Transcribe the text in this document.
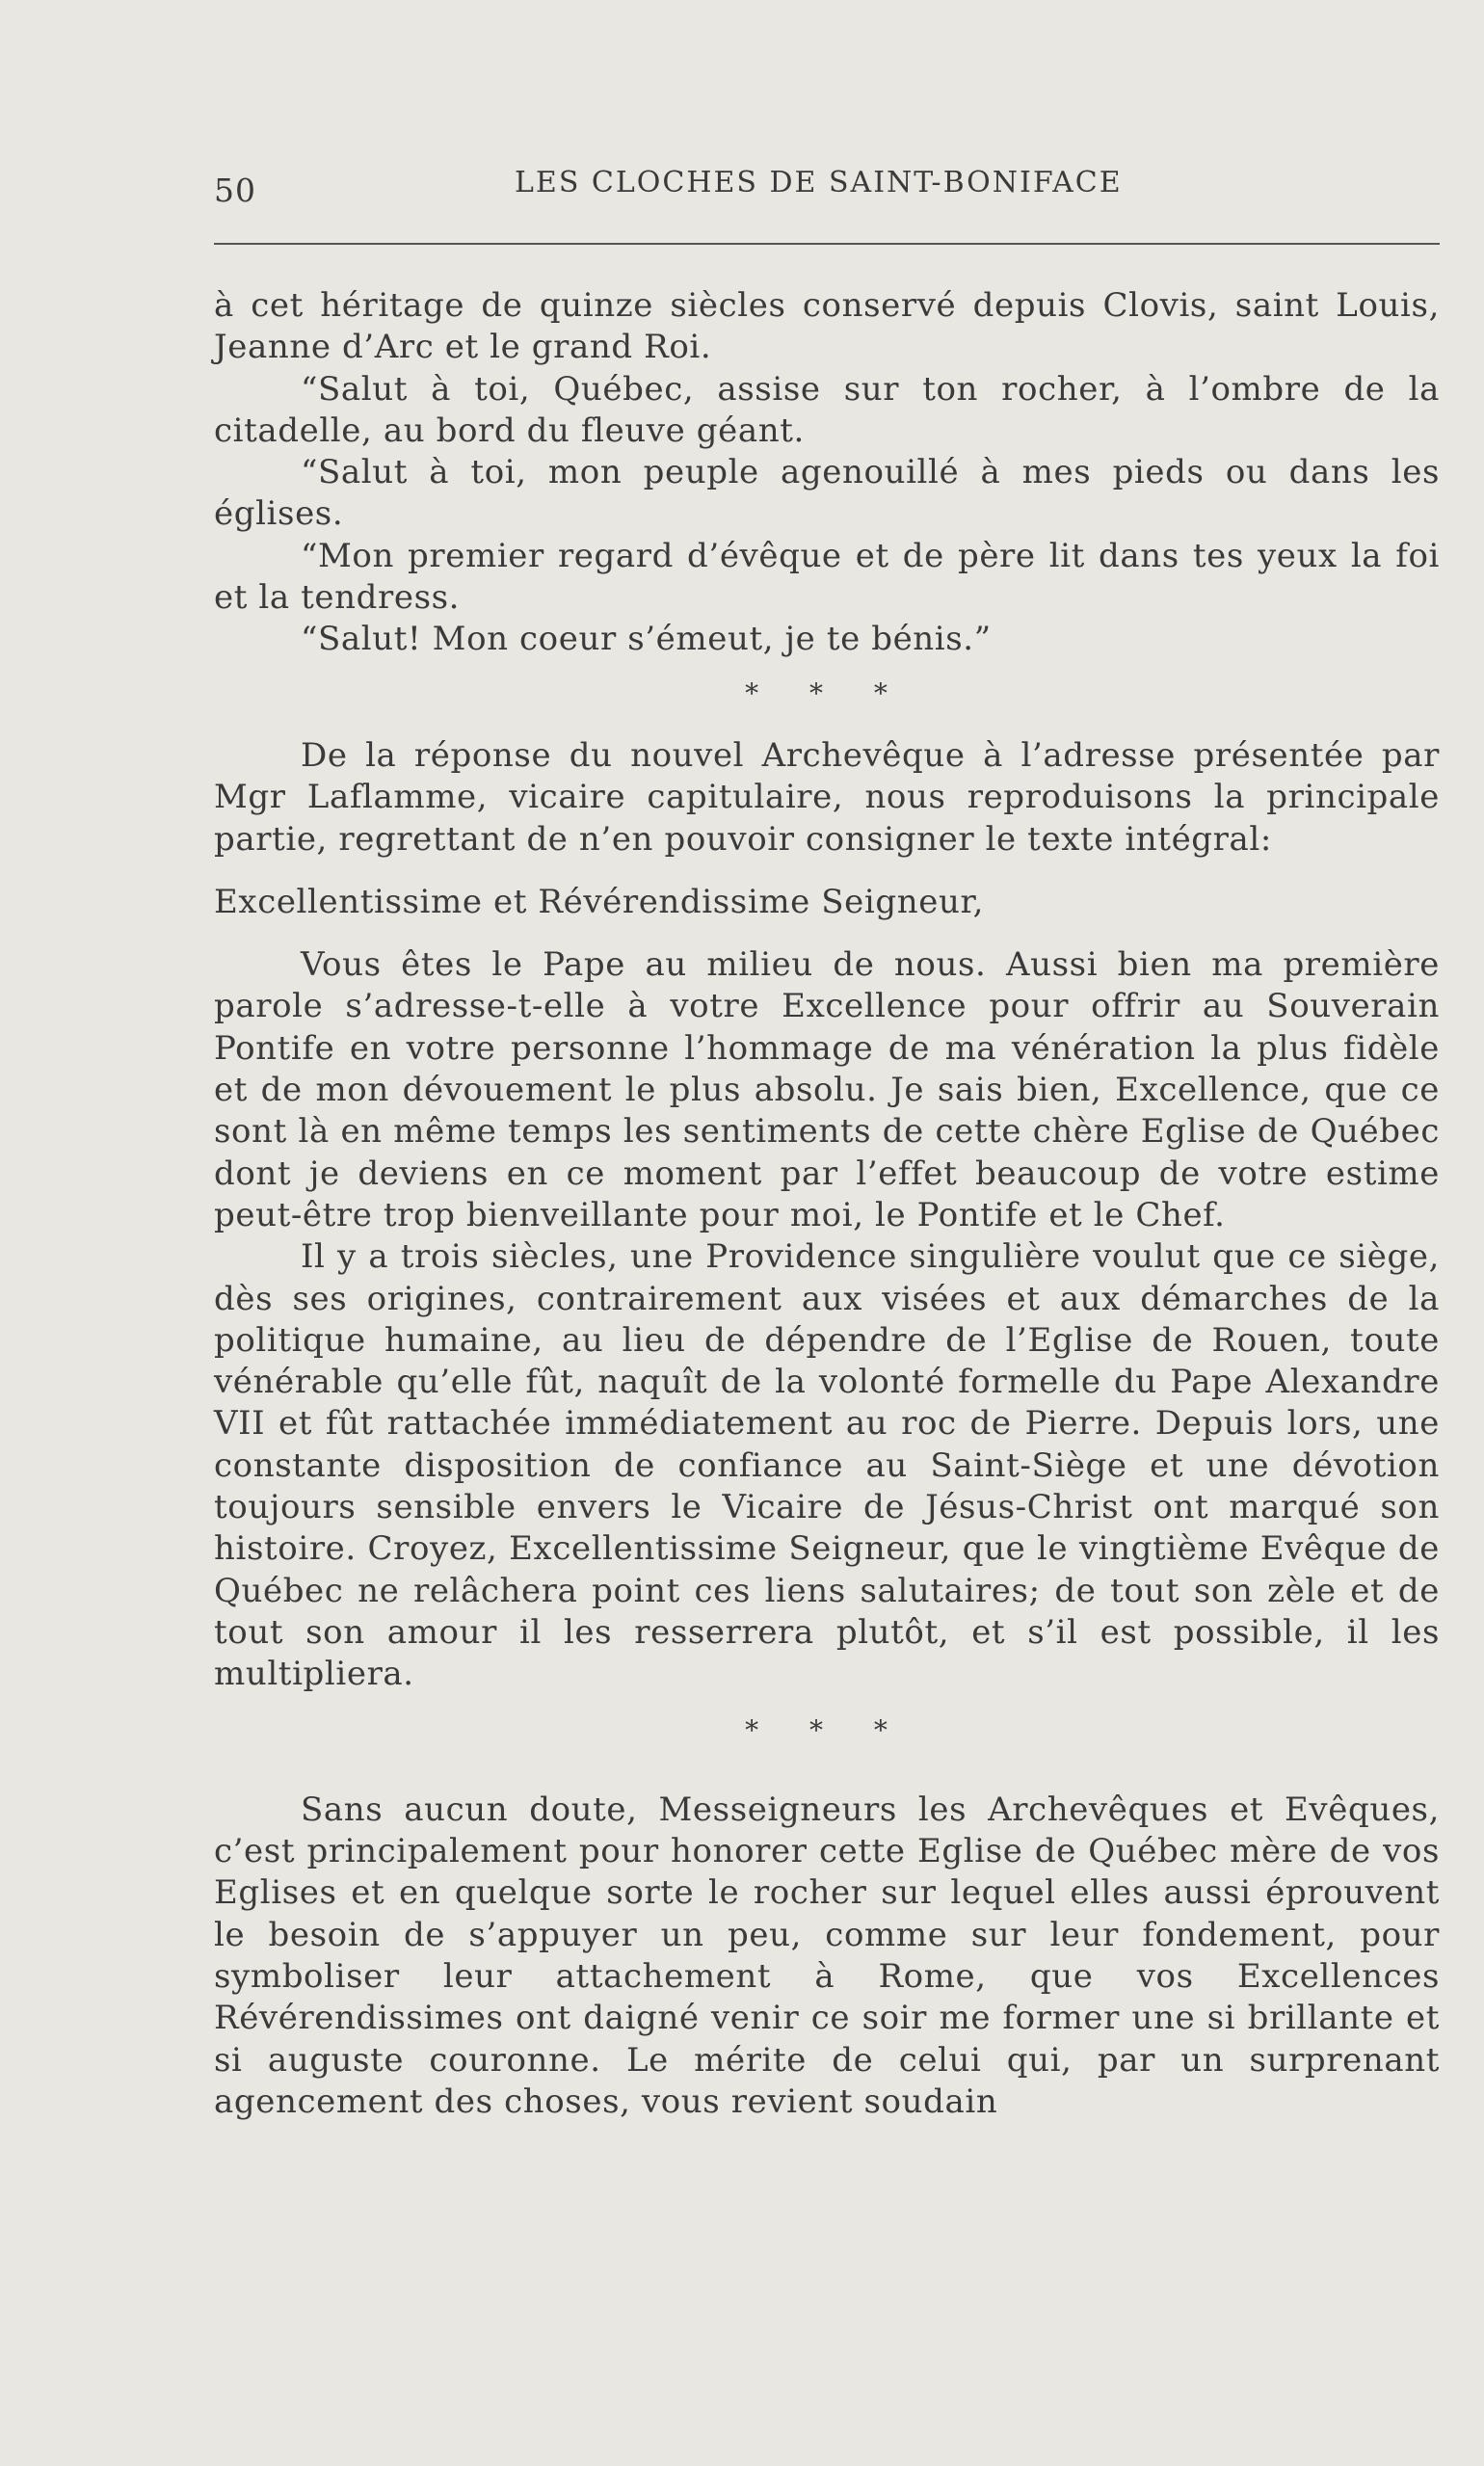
50	LES CLOCHES DE SAINT-BONIFACE

à cet héritage de quinze siècles conservé depuis Clovis, saint Louis, Jeanne d’Arc et le grand Roi.

“Salut à toi, Québec, assise sur ton rocher, à l’ombre de la citadelle, au bord du fleuve géant.

“Salut à toi, mon peuple agenouillé à mes pieds ou dans les églises.

“Mon premier regard d’évêque et de père lit dans tes yeux la foi et la tendress.

“Salut! Mon coeur s’émeut, je te bénis.”

* * *

De la réponse du nouvel Archevêque à l’adresse présentée par Mgr Laflamme, vicaire capitulaire, nous reproduisons la principale partie, regrettant de n’en pouvoir consigner le texte intégral:

Excellentissime et Révérendissime Seigneur,

Vous êtes le Pape au milieu de nous. Aussi bien ma première parole s’adresse-t-elle à votre Excellence pour offrir au Souverain Pontife en votre personne l’hommage de ma vénération la plus fidèle et de mon dévouement le plus absolu. Je sais bien, Excellence, que ce sont là en même temps les sentiments de cette chère Eglise de Québec dont je deviens en ce moment par l’effet beaucoup de votre estime peut-être trop bienveillante pour moi, le Pontife et le Chef.

Il y a trois siècles, une Providence singulière voulut que ce siège, dès ses origines, contrairement aux visées et aux démarches de la politique humaine, au lieu de dépendre de l’Eglise de Rouen, toute vénérable qu’elle fût, naquît de la volonté formelle du Pape Alexandre VII et fût rattachée immédiatement au roc de Pierre. Depuis lors, une constante disposition de confiance au Saint-Siège et une dévotion toujours sensible envers le Vicaire de Jésus-Christ ont marqué son histoire. Croyez, Excellentissime Seigneur, que le vingtième Evêque de Québec ne relâchera point ces liens salutaires; de tout son zèle et de tout son amour il les resserrera plutôt, et s’il est possible, il les multipliera.

* * *

Sans aucun doute, Messeigneurs les Archevêques et Evêques, c’est principalement pour honorer cette Eglise de Québec mère de vos Eglises et en quelque sorte le rocher sur lequel elles aussi éprouvent le besoin de s’appuyer un peu, comme sur leur fondement, pour symboliser leur attachement à Rome, que vos Excellences Révérendissimes ont daigné venir ce soir me former une si brillante et si auguste couronne. Le mérite de celui qui, par un surprenant agencement des choses, vous revient soudain
